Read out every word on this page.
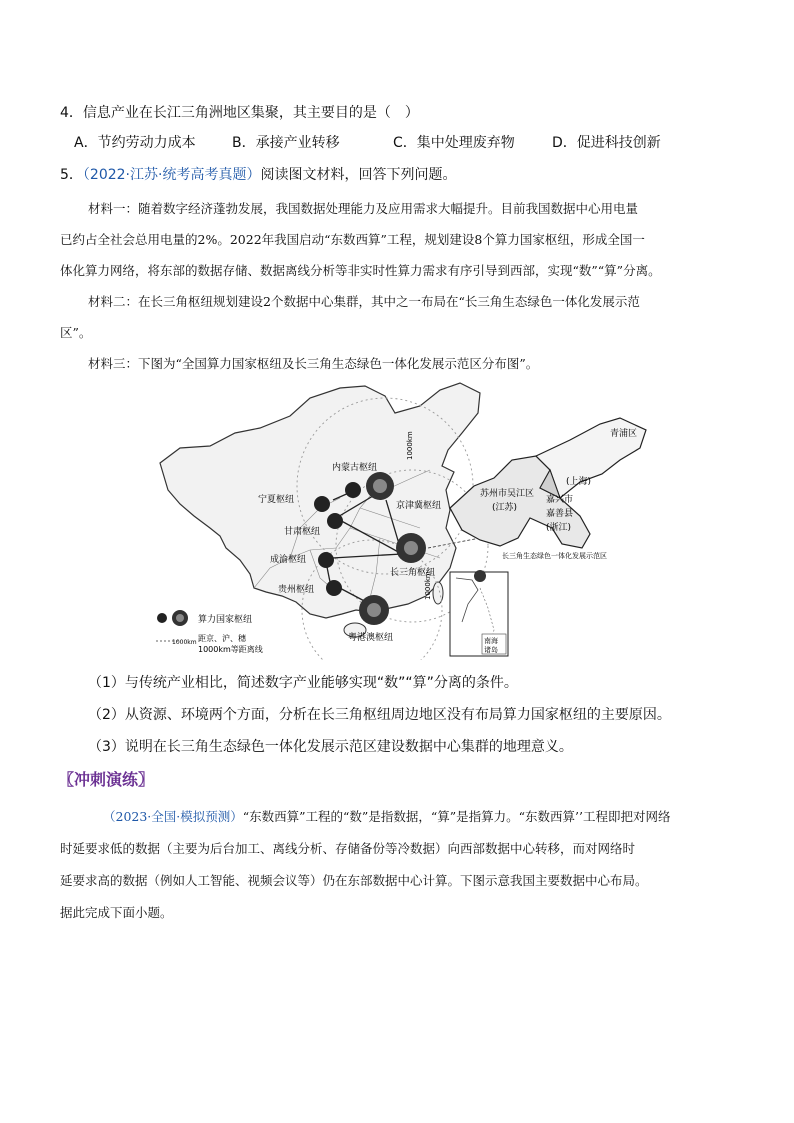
4．信息产业在长江三角洲地区集聚，其主要目的是（　）
A．节约劳动力成本	B．承接产业转移	C．集中处理废弃物	D．促进科技创新
5．（2022·江苏·统考高考真题）阅读图文材料，回答下列问题。
材料一：随着数字经济蓬勃发展，我国数据处理能力及应用需求大幅提升。目前我国数据中心用电量
已约占全社会总用电量的2%。2022年我国启动“东数西算”工程，规划建设8个算力国家枢纽，形成全国一
体化算力网络，将东部的数据存储、数据离线分析等非实时性算力需求有序引导到西部，实现“数”“算”分离。
材料二：在长三角枢纽规划建设2个数据中心集群，其中之一布局在“长三角生态绿色一体化发展示范
区”。
材料三：下图为“全国算力国家枢纽及长三角生态绿色一体化发展示范区分布图”。
内蒙古枢纽
宁夏枢纽
甘肃枢纽
京津冀枢纽
成渝枢纽
长三角枢纽
贵州枢纽
粤港澳枢纽
1000km
1000km
青浦区
(上海)
苏州市吴江区
(江苏)
嘉兴市
嘉善县
(浙江)
长三角生态绿色一体化发展示范区
南海
诸岛
算力国家枢纽
1000km 距京、沪、穗
1000km等距离线
（1）与传统产业相比，简述数字产业能够实现“数”“算”分离的条件。
（2）从资源、环境两个方面，分析在长三角枢纽周边地区没有布局算力国家枢纽的主要原因。
（3）说明在长三角生态绿色一体化发展示范区建设数据中心集群的地理意义。
〖冲刺演练〗
（2023·全国·模拟预测）“东数西算”工程的“数”是指数据，“算”是指算力。“东数西算’’工程即把对网络
时延要求低的数据（主要为后台加工、离线分析、存储备份等冷数据）向西部数据中心转移，而对网络时
延要求高的数据（例如人工智能、视频会议等）仍在东部数据中心计算。下图示意我国主要数据中心布局。
据此完成下面小题。
